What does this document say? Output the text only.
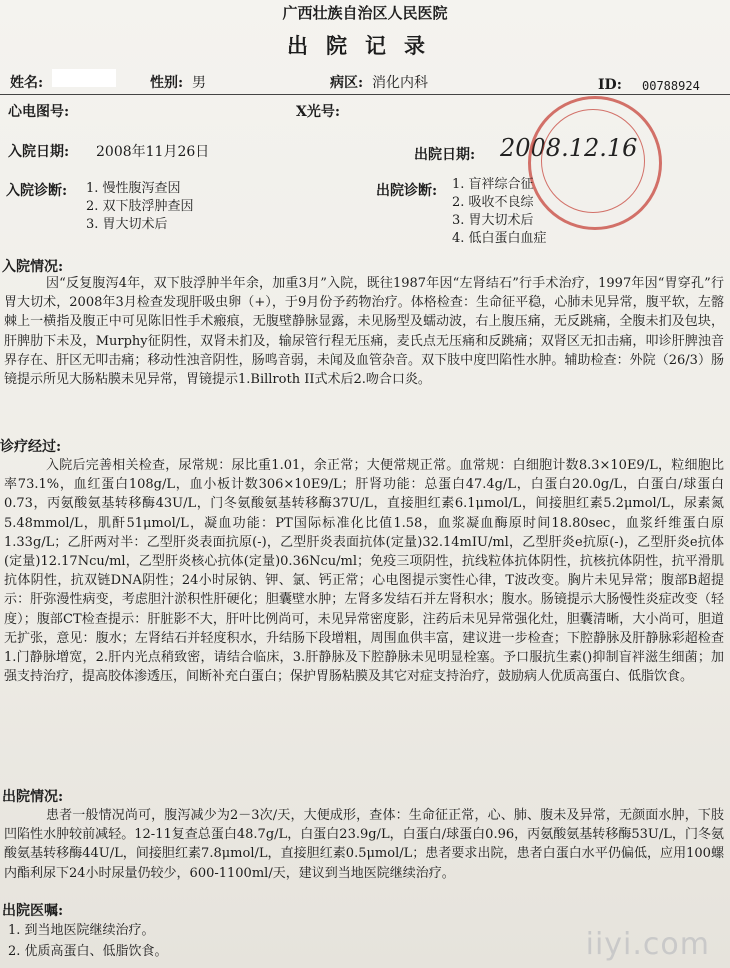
广西壮族自治区人民医院
出院记录
姓名:	性别: 男	病区: 消化内科	ID: 00788924
心电图号:	X光号:
入院日期: 2008年11月26日	出院日期: 2008.12.16
入院诊断: 1. 慢性腹泻查因
2. 双下肢浮肿查因
3. 胃大切术后
出院诊断: 1. 盲袢综合征
2. 吸收不良综
3. 胃大切术后
4. 低白蛋白血症
入院情况:
因“反复腹泻4年，双下肢浮肿半年余，加重3月”入院，既往1987年因“左肾结石”行手术治疗，1997年因“胃穿孔”行胃大切术，2008年3月检查发现肝吸虫卵（+），于9月份予药物治疗。体格检查：生命征平稳，心肺未见异常，腹平软，左髂棘上一横指及腹正中可见陈旧性手术瘢痕，无腹壁静脉显露，未见肠型及蠕动波，右上腹压痛，无反跳痛，全腹未扪及包块，肝脾肋下未及，Murphy征阴性，双肾未扪及，输尿管行程无压痛，麦氏点无压痛和反跳痛；双肾区无扣击痛，叩诊肝脾浊音界存在、肝区无叩击痛；移动性浊音阴性，肠鸣音弱，未闻及血管杂音。双下肢中度凹陷性水肿。辅助检查：外院（26/3）肠镜提示所见大肠粘膜未见异常，胃镜提示1.Billroth II式术后2.吻合口炎。
诊疗经过:
入院后完善相关检查，尿常规：尿比重1.01，余正常；大便常规正常。血常规：白细胞计数8.3×10E9/L，粒细胞比率73.1%，血红蛋白108g/L，血小板计数306×10E9/L；肝肾功能：总蛋白47.4g/L，白蛋白20.0g/L，白蛋白/球蛋白0.73，丙氨酸氨基转移酶43U/L，门冬氨酸氨基转移酶37U/L，直接胆红素6.1μmol/L，间接胆红素5.2μmol/L，尿素氮5.48mmol/L，肌酐51μmol/L，凝血功能：PT国际标准化比值1.58，血浆凝血酶原时间18.80sec，血浆纤维蛋白原1.33g/L；乙肝两对半：乙型肝炎表面抗原(-)，乙型肝炎表面抗体(定量)32.14mIU/ml，乙型肝炎e抗原(-)，乙型肝炎e抗体(定量)12.17Ncu/ml，乙型肝炎核心抗体(定量)0.36Ncu/ml；免疫三项阴性，抗线粒体抗体阴性，抗核抗体阴性，抗平滑肌抗体阴性，抗双链DNA阴性；24小时尿钠、钾、氯、钙正常；心电图提示窦性心律，T波改变。胸片未见异常；腹部B超提示：肝弥漫性病变，考虑胆汁淤积性肝硬化；胆囊壁水肿；左肾多发结石并左肾积水；腹水。肠镜提示大肠慢性炎症改变（轻度）；腹部CT检查提示：肝脏影不大，肝叶比例尚可，未见异常密度影，注药后未见异常强化灶，胆囊清晰，大小尚可，胆道无扩张，意见：腹水；左肾结石并轻度积水，升结肠下段增粗，周围血供丰富，建议进一步检查；下腔静脉及肝静脉彩超检查 1.门静脉增宽，2.肝内光点稍致密，请结合临床，3.肝静脉及下腔静脉未见明显栓塞。予口服抗生素()抑制盲袢滋生细菌；加强支持治疗，提高胶体渗透压，间断补充白蛋白；保护胃肠粘膜及其它对症支持治疗，鼓励病人优质高蛋白、低脂饮食。
出院情况:
患者一般情况尚可，腹泻减少为2－3次/天，大便成形，查体：生命征正常，心、肺、腹未及异常，无颜面水肿，下肢凹陷性水肿较前减轻。12-11复查总蛋白48.7g/L，白蛋白23.9g/L，白蛋白/球蛋白0.96，丙氨酸氨基转移酶53U/L，门冬氨酸氨基转移酶44U/L，间接胆红素7.8μmol/L，直接胆红素0.5μmol/L；患者要求出院，患者白蛋白水平仍偏低，应用100螺内酯利尿下24小时尿量仍较少，600-1100ml/天，建议到当地医院继续治疗。
出院医嘱:
1. 到当地医院继续治疗。
2. 优质高蛋白、低脂饮食。	iiyi.com
